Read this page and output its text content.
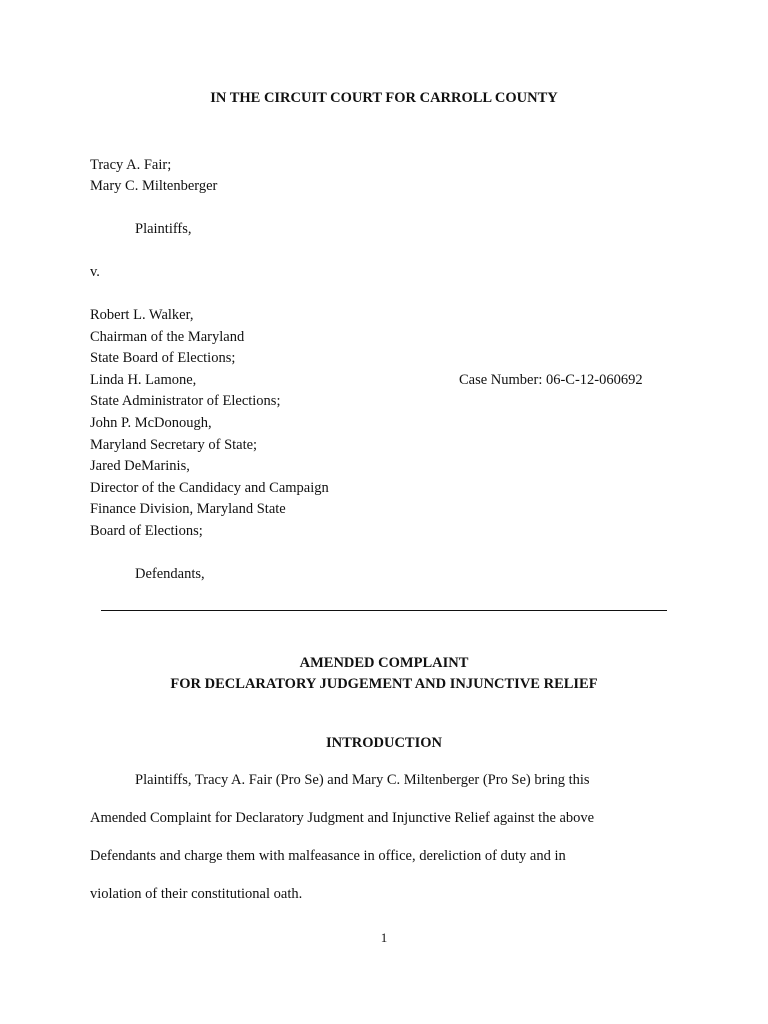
IN THE CIRCUIT COURT FOR CARROLL COUNTY
Tracy A. Fair;
Mary C. Miltenberger
Plaintiffs,
v.
Robert L. Walker,
Chairman of the Maryland
State Board of Elections;
Linda H. Lamone,
State Administrator of Elections;
John P. McDonough,
Maryland Secretary of State;
Jared DeMarinis,
Director of the Candidacy and Campaign
Finance Division, Maryland State
Board of Elections;
Case Number: 06-C-12-060692
Defendants,
AMENDED COMPLAINT
FOR DECLARATORY JUDGEMENT AND INJUNCTIVE RELIEF
INTRODUCTION
Plaintiffs, Tracy A. Fair (Pro Se) and Mary C. Miltenberger (Pro Se) bring this
Amended Complaint for Declaratory Judgment and Injunctive Relief against the above
Defendants and charge them with malfeasance in office, dereliction of duty and in
violation of their constitutional oath.
1
